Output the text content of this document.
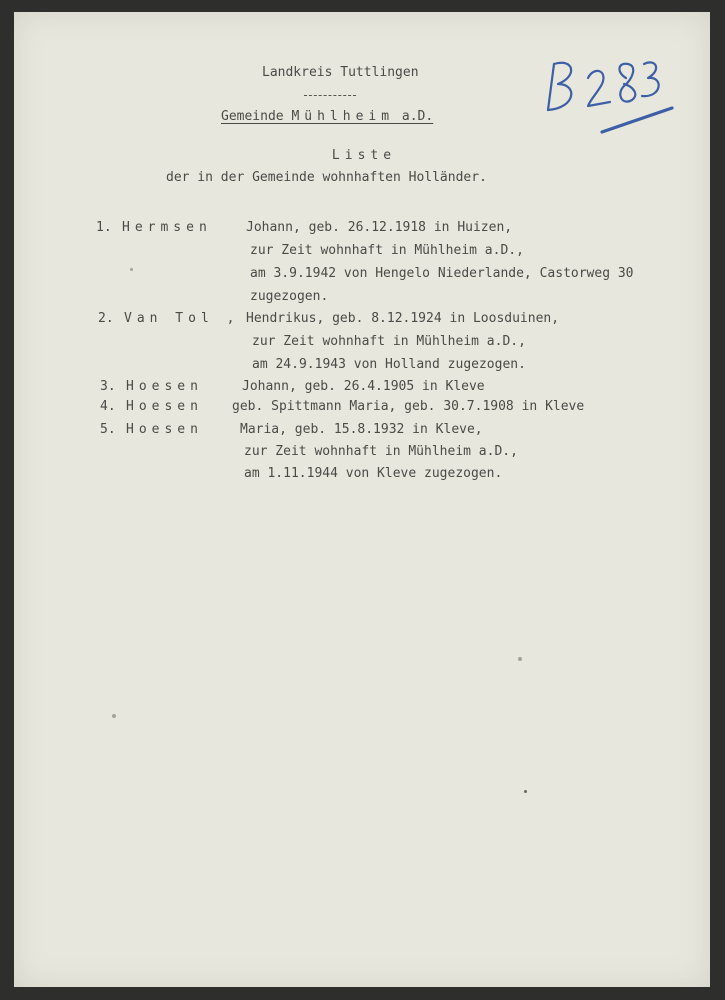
Landkreis Tuttlingen
Gemeinde Mühlheim a.D.
Liste
der in der Gemeinde wohnhaften Holländer.
1. Hermsen	Johann, geb. 26.12.1918 in Huizen,
zur Zeit wohnhaft in Mühlheim a.D.,
am 3.9.1942 von Hengelo Niederlande, Castorweg 30
zugezogen.
2. Van Tol , Hendrikus, geb. 8.12.1924 in Loosduinen,
zur Zeit wohnhaft in Mühlheim a.D.,
am 24.9.1943 von Holland zugezogen.
3. Hoesen	Johann, geb. 26.4.1905 in Kleve
4. Hoesen geb. Spittmann Maria, geb. 30.7.1908 in Kleve
5. Hoesen	Maria, geb. 15.8.1932 in Kleve,
zur Zeit wohnhaft in Mühlheim a.D.,
am 1.11.1944 von Kleve zugezogen.
